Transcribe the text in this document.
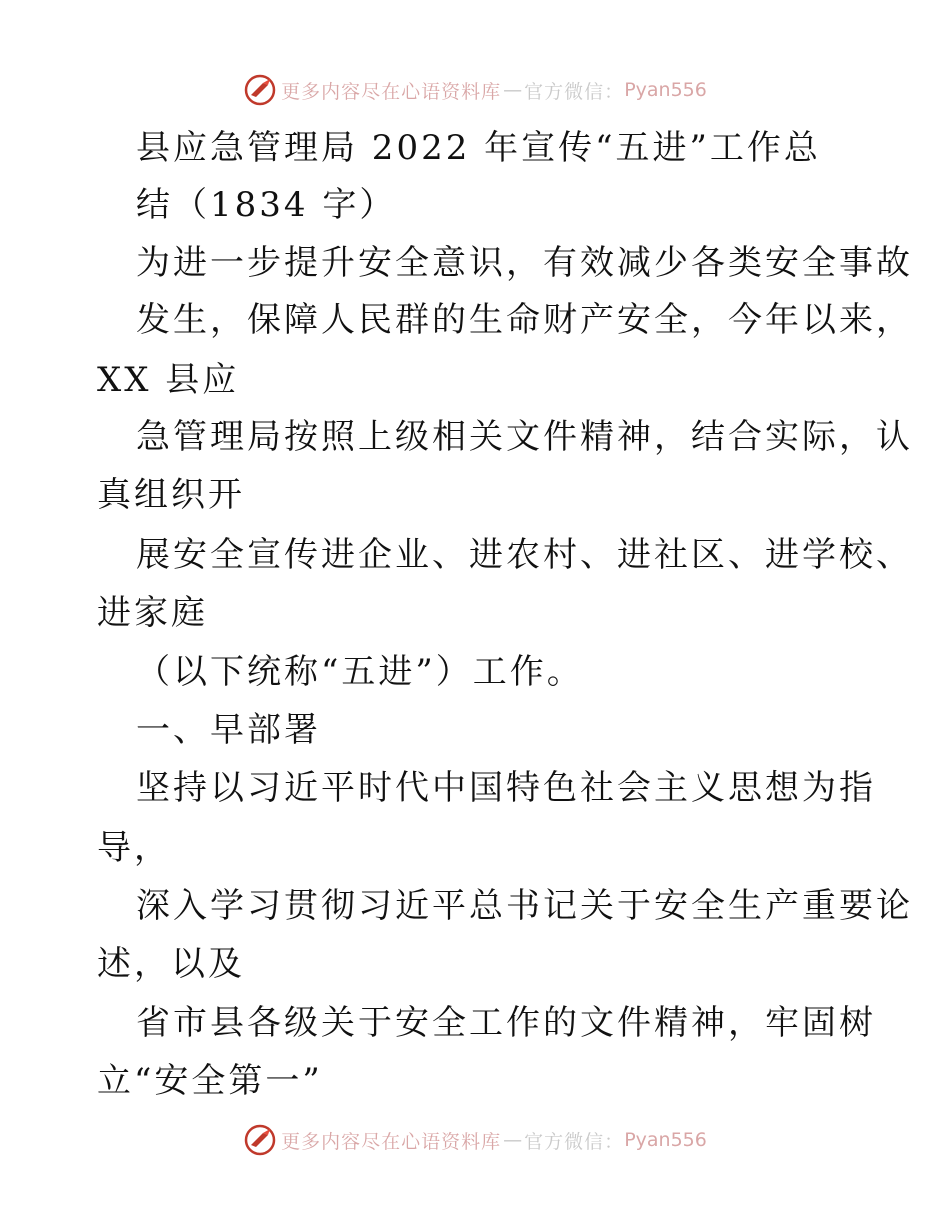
更多内容尽在心语资料库 — 官方微信： Pyan556
县应急管理局 2022 年宣传“五进”工作总
结（1834 字）
为进一步提升安全意识，有效减少各类安全事故
发生，保障人民群的生命财产安全，今年以来，
XX 县应
急管理局按照上级相关文件精神，结合实际，认
真组织开
展安全宣传进企业、进农村、进社区、进学校、
进家庭
（以下统称“五进”）工作。
一、早部署
坚持以习近平时代中国特色社会主义思想为指
导，
深入学习贯彻习近平总书记关于安全生产重要论
述，以及
省市县各级关于安全工作的文件精神，牢固树
立“安全第一”
更多内容尽在心语资料库 — 官方微信： Pyan556
